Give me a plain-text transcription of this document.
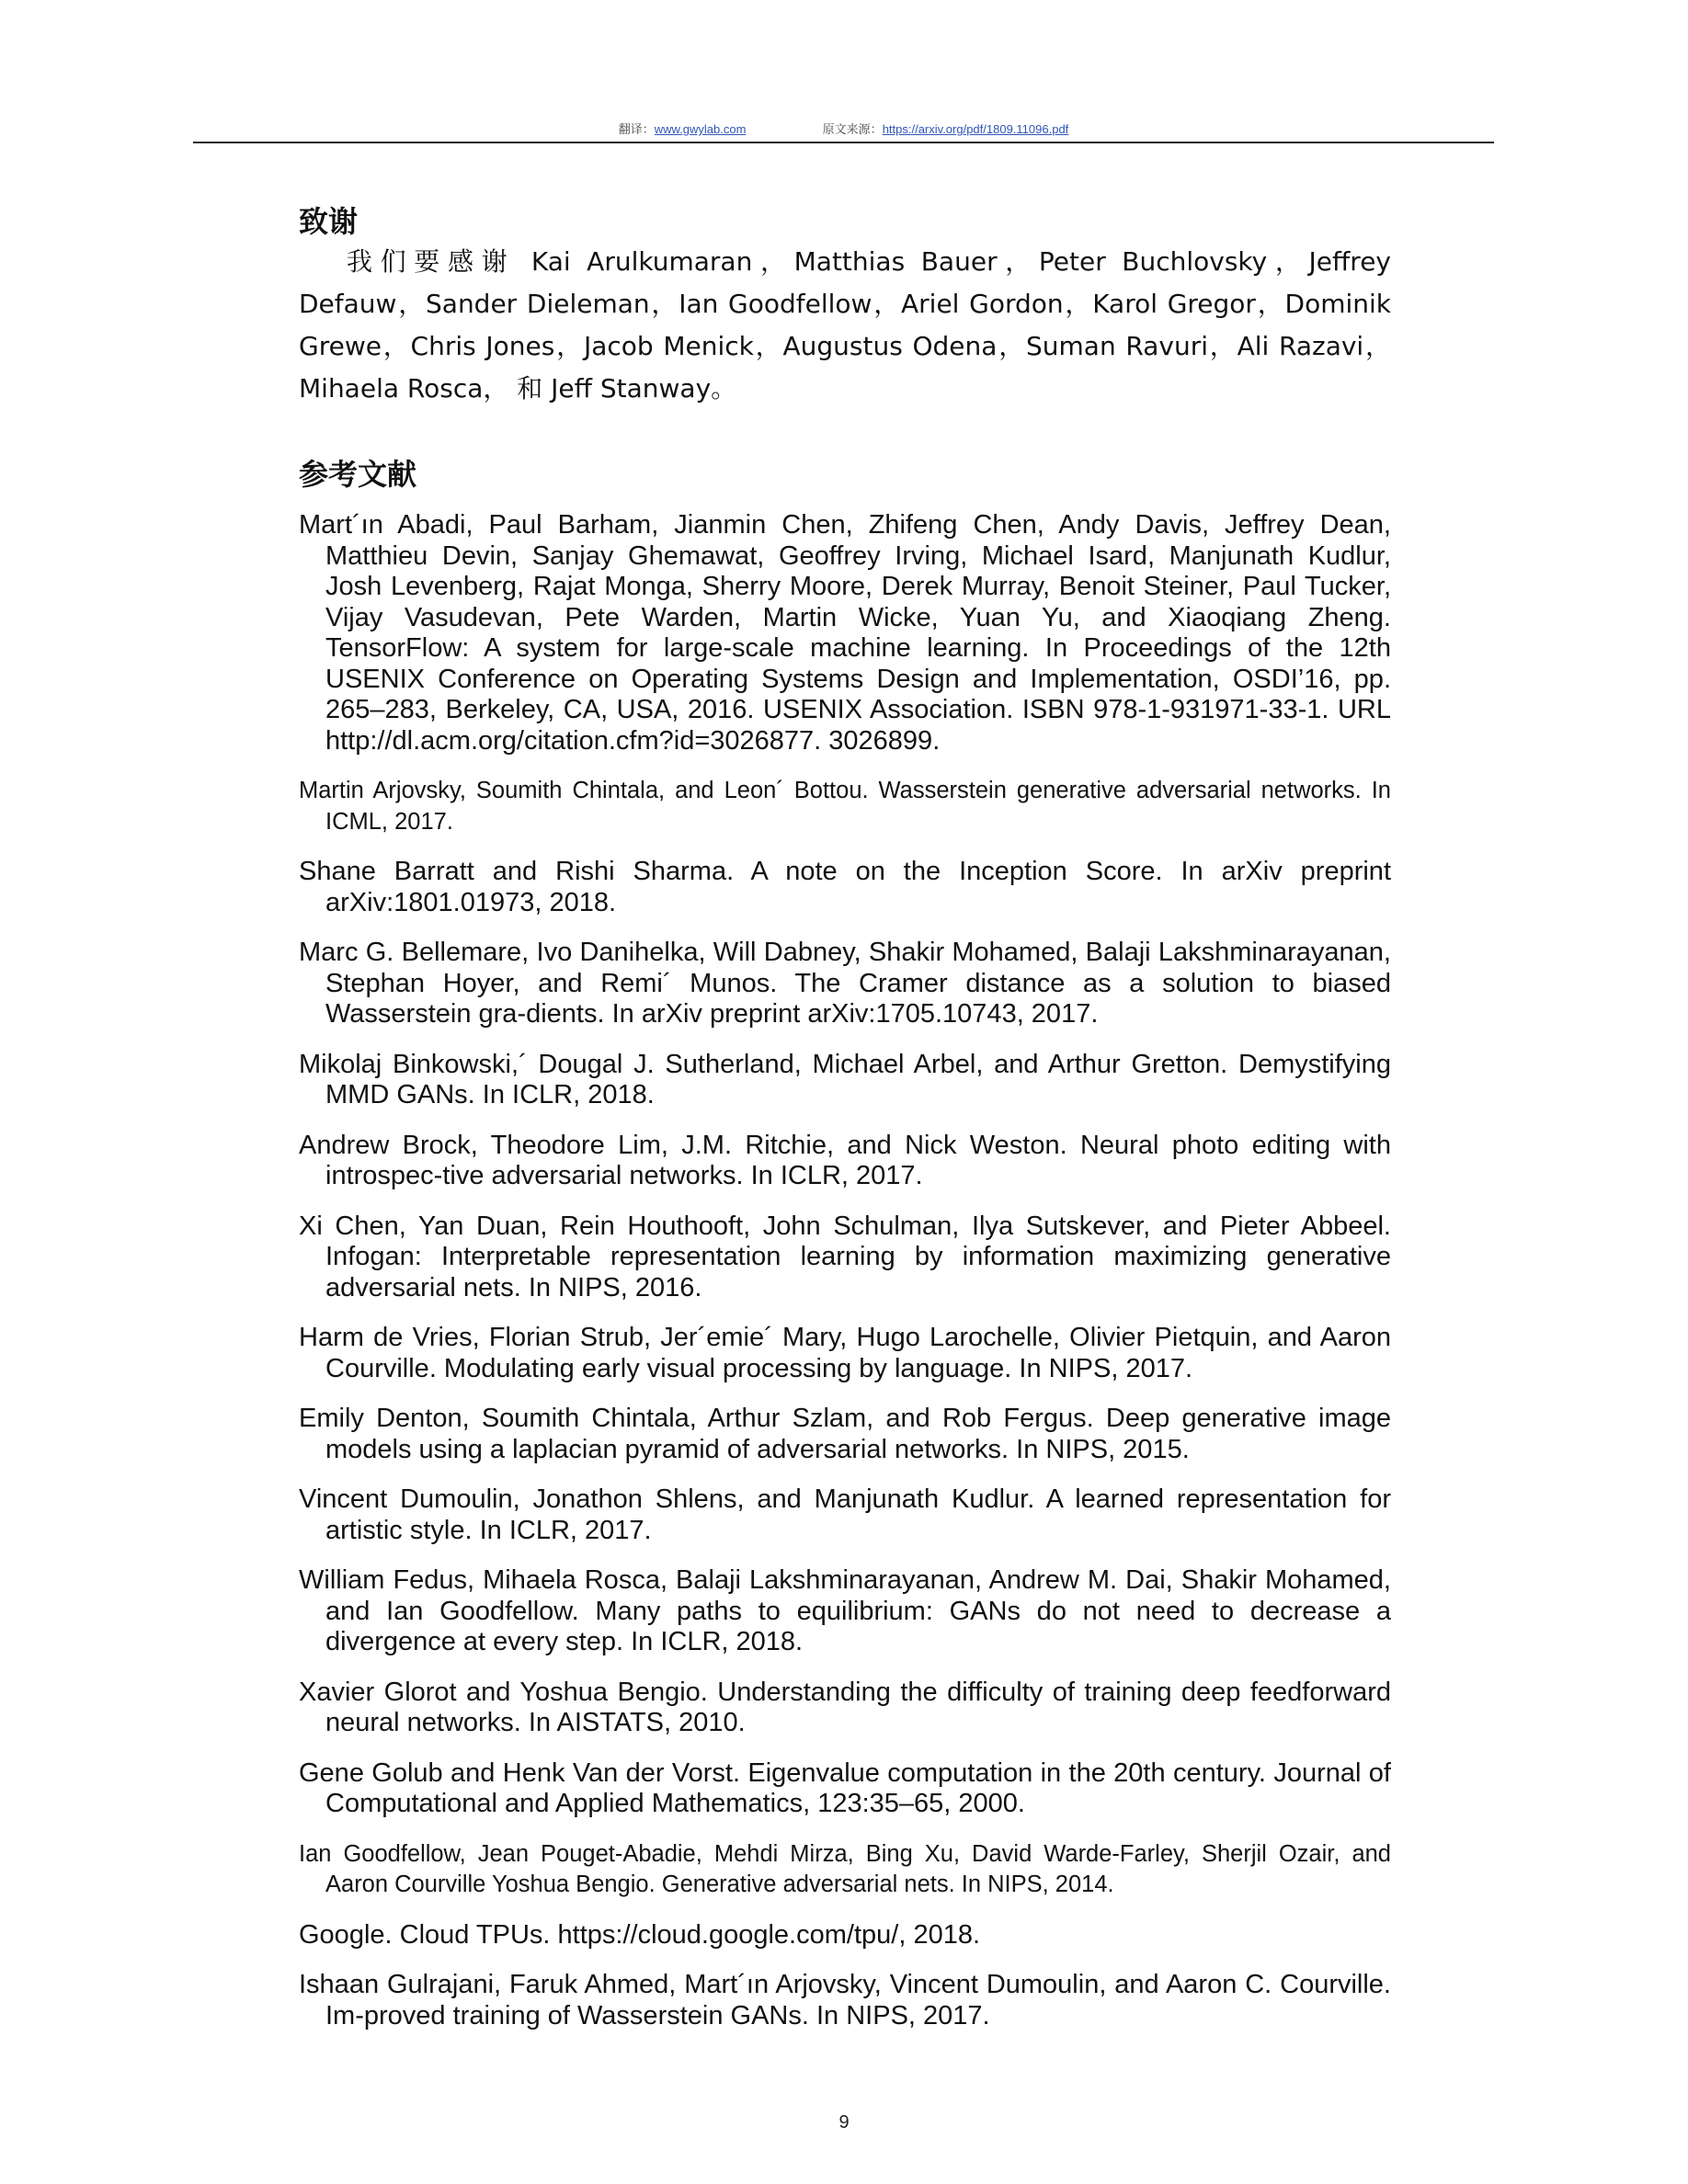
翻译：www.gwylab.com	原文来源：https://arxiv.org/pdf/1809.11096.pdf
致谢
我们要感谢 Kai Arulkumaran，Matthias Bauer，Peter Buchlovsky，Jeffrey Defauw，Sander Dieleman，Ian Goodfellow，Ariel Gordon，Karol Gregor，Dominik Grewe，Chris Jones，Jacob Menick，Augustus Odena，Suman Ravuri，Ali Razavi，Mihaela Rosca， 和 Jeff Stanway。
参考文献

Mart´ın Abadi, Paul Barham, Jianmin Chen, Zhifeng Chen, Andy Davis, Jeffrey Dean, Matthieu Devin, Sanjay Ghemawat, Geoffrey Irving, Michael Isard, Manjunath Kudlur, Josh Levenberg, Rajat Monga, Sherry Moore, Derek Murray, Benoit Steiner, Paul Tucker, Vijay Vasudevan, Pete Warden, Martin Wicke, Yuan Yu, and Xiaoqiang Zheng. TensorFlow: A system for large-scale machine learning. In Proceedings of the 12th USENIX Conference on Operating Systems Design and Implementation, OSDI’16, pp. 265–283, Berkeley, CA, USA, 2016. USENIX Association. ISBN 978-1-931971-33-1. URL http://dl.acm.org/citation.cfm?id=3026877. 3026899.

Martin Arjovsky, Soumith Chintala, and Leon´ Bottou. Wasserstein generative adversarial networks. In ICML, 2017.

Shane Barratt and Rishi Sharma. A note on the Inception Score. In arXiv preprint arXiv:1801.01973, 2018.

Marc G. Bellemare, Ivo Danihelka, Will Dabney, Shakir Mohamed, Balaji Lakshminarayanan, Stephan Hoyer, and Remi´ Munos. The Cramer distance as a solution to biased Wasserstein gra-dients. In arXiv preprint arXiv:1705.10743, 2017.

Mikolaj Binkowski,´ Dougal J. Sutherland, Michael Arbel, and Arthur Gretton. Demystifying MMD GANs. In ICLR, 2018.

Andrew Brock, Theodore Lim, J.M. Ritchie, and Nick Weston. Neural photo editing with introspec-tive adversarial networks. In ICLR, 2017.

Xi Chen, Yan Duan, Rein Houthooft, John Schulman, Ilya Sutskever, and Pieter Abbeel. Infogan: Interpretable representation learning by information maximizing generative adversarial nets. In NIPS, 2016.

Harm de Vries, Florian Strub, Jer´emie´ Mary, Hugo Larochelle, Olivier Pietquin, and Aaron Courville. Modulating early visual processing by language. In NIPS, 2017.

Emily Denton, Soumith Chintala, Arthur Szlam, and Rob Fergus. Deep generative image models using a laplacian pyramid of adversarial networks. In NIPS, 2015.

Vincent Dumoulin, Jonathon Shlens, and Manjunath Kudlur. A learned representation for artistic style. In ICLR, 2017.

William Fedus, Mihaela Rosca, Balaji Lakshminarayanan, Andrew M. Dai, Shakir Mohamed, and Ian Goodfellow. Many paths to equilibrium: GANs do not need to decrease a divergence at every step. In ICLR, 2018.

Xavier Glorot and Yoshua Bengio. Understanding the difficulty of training deep feedforward neural networks. In AISTATS, 2010.

Gene Golub and Henk Van der Vorst. Eigenvalue computation in the 20th century. Journal of Computational and Applied Mathematics, 123:35–65, 2000.

Ian Goodfellow, Jean Pouget-Abadie, Mehdi Mirza, Bing Xu, David Warde-Farley, Sherjil Ozair, and Aaron Courville Yoshua Bengio. Generative adversarial nets. In NIPS, 2014.

Google. Cloud TPUs. https://cloud.google.com/tpu/, 2018.

Ishaan Gulrajani, Faruk Ahmed, Mart´ın Arjovsky, Vincent Dumoulin, and Aaron C. Courville. Im-proved training of Wasserstein GANs. In NIPS, 2017.

9
